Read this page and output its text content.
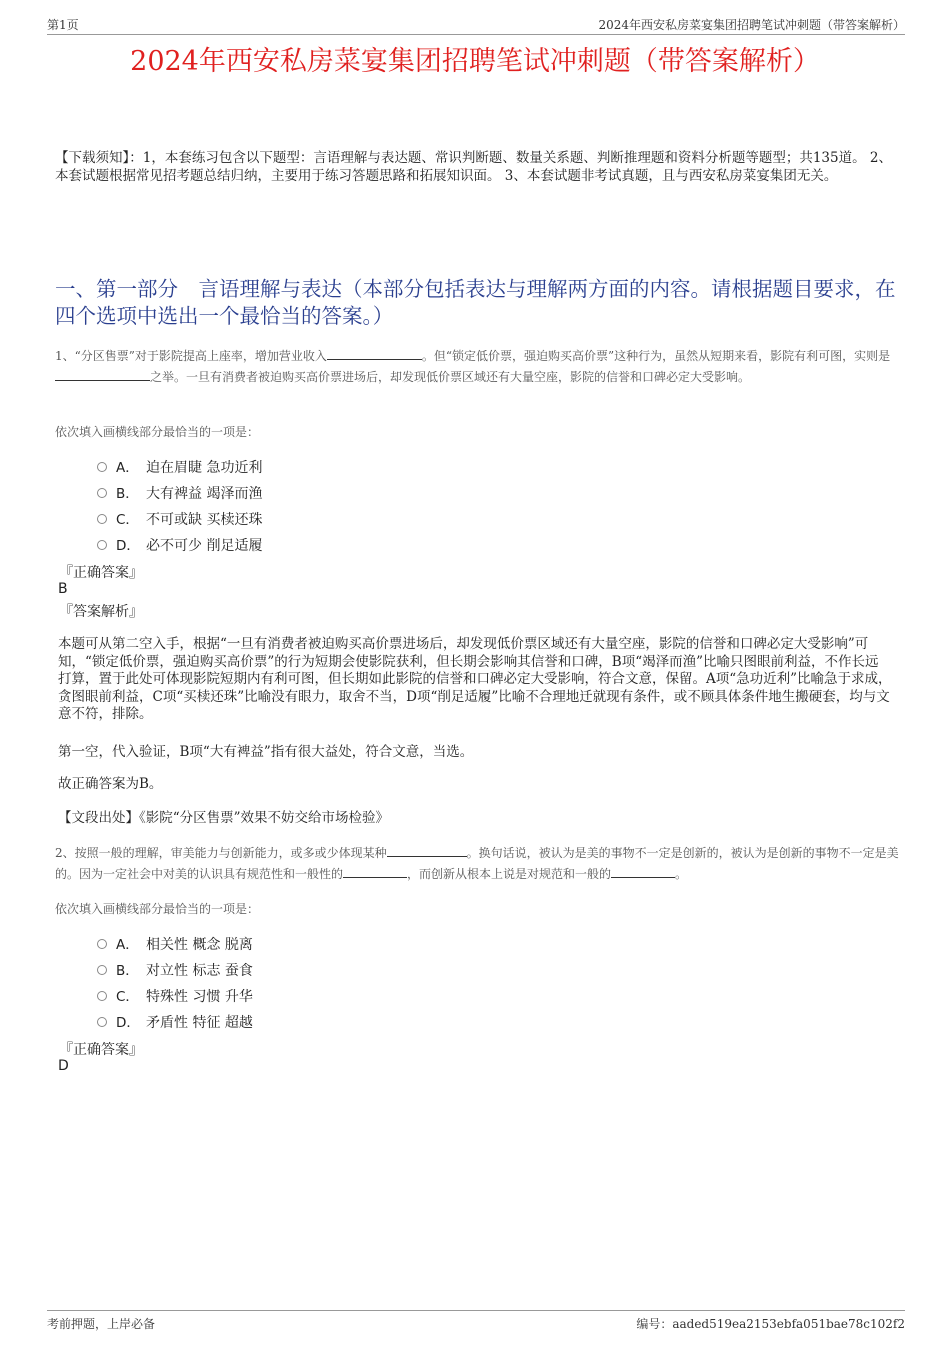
第1页	2024年西安私房菜宴集团招聘笔试冲刺题（带答案解析）
2024年西安私房菜宴集团招聘笔试冲刺题（带答案解析）
【下载须知】：1，本套练习包含以下题型：言语理解与表达题、常识判断题、数量关系题、判断推理题和资料分析题等题型；共135道。 2、本套试题根据常见招考题总结归纳，主要用于练习答题思路和拓展知识面。 3、本套试题非考试真题，且与西安私房菜宴集团无关。
一、第一部分　言语理解与表达（本部分包括表达与理解两方面的内容。请根据题目要求，在四个选项中选出一个最恰当的答案。）
1、“分区售票”对于影院提高上座率，增加营业收入	。但“锁定低价票，强迫购买高价票”这种行为，虽然从短期来看，影院有利可图，实则是之举。一旦有消费者被迫购买高价票进场后，却发现低价票区域还有大量空座，影院的信誉和口碑必定大受影响。
依次填入画横线部分最恰当的一项是：
A． 迫在眉睫 急功近利
B． 大有裨益 竭泽而渔
C． 不可或缺 买椟还珠
D． 必不可少 削足适履
『正确答案』
B
『答案解析』
本题可从第二空入手，根据“一旦有消费者被迫购买高价票进场后，却发现低价票区域还有大量空座，影院的信誉和口碑必定大受影响”可知，“锁定低价票，强迫购买高价票”的行为短期会使影院获利，但长期会影响其信誉和口碑，B项“竭泽而渔”比喻只图眼前利益，不作长远打算，置于此处可体现影院短期内有利可图，但长期如此影院的信誉和口碑必定大受影响，符合文意，保留。A项“急功近利”比喻急于求成，贪图眼前利益，C项“买椟还珠”比喻没有眼力，取舍不当，D项“削足适履”比喻不合理地迁就现有条件，或不顾具体条件地生搬硬套，均与文意不符，排除。
第一空，代入验证，B项“大有裨益”指有很大益处，符合文意，当选。
故正确答案为B。
【文段出处】《影院“分区售票”效果不妨交给市场检验》
2、按照一般的理解，审美能力与创新能力，或多或少体现某种	。换句话说，被认为是美的事物不一定是创新的，被认为是创新的事物不一定是美的。因为一定社会中对美的认识具有规范性和一般性的	，而创新从根本上说是对规范和一般的	。
依次填入画横线部分最恰当的一项是：
A． 相关性 概念 脱离
B． 对立性 标志 蚕食
C． 特殊性 习惯 升华
D． 矛盾性 特征 超越
『正确答案』
D
考前押题，上岸必备	编号：aaded519ea2153ebfa051bae78c102f2
